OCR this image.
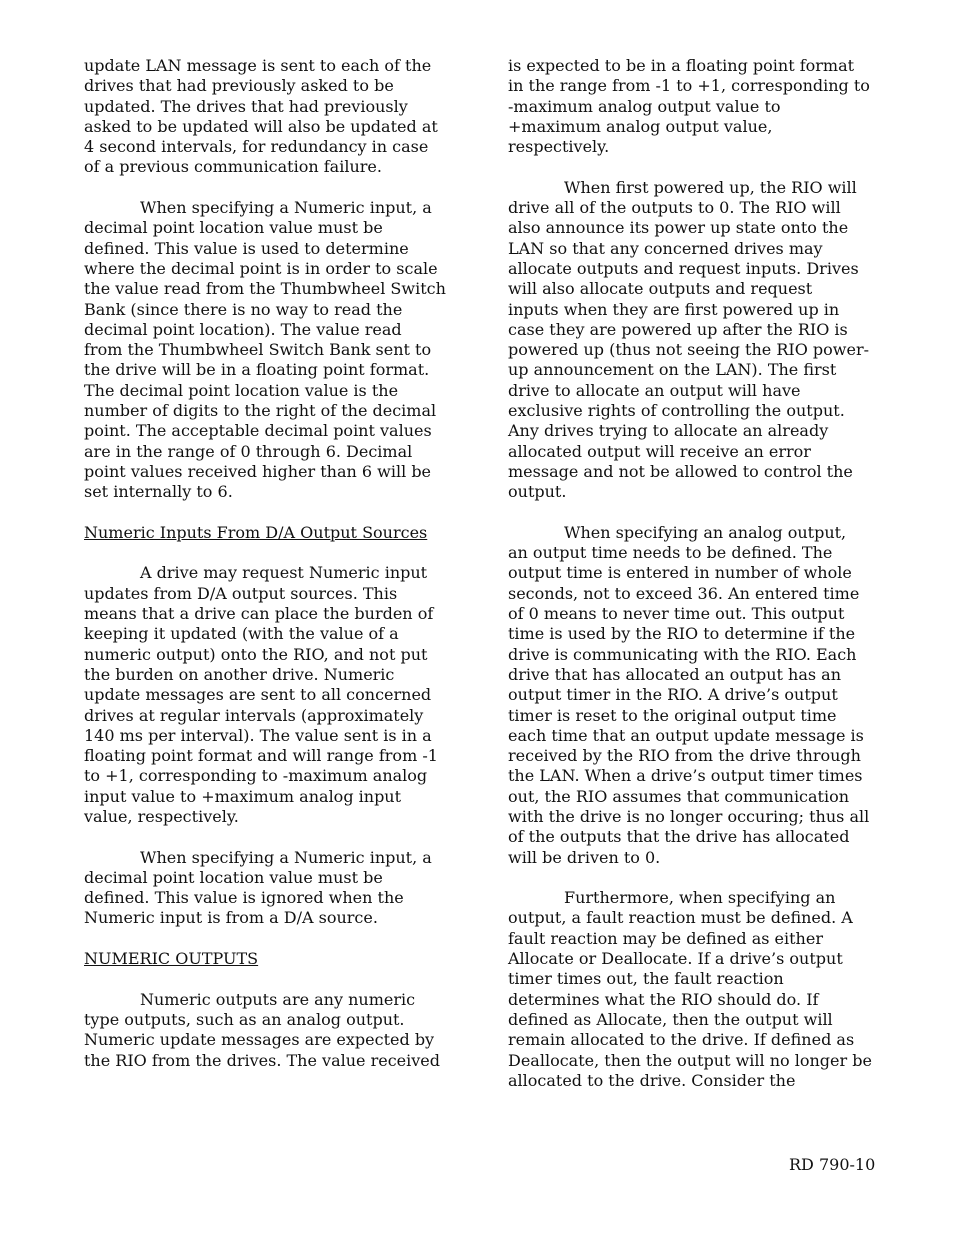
update LAN message is sent to each of the
drives that had previously asked to be
updated. The drives that had previously
asked to be updated will also be updated at
4 second intervals, for redundancy in case
of a previous communication failure.

When specifying a Numeric input, a
decimal point location value must be
defined. This value is used to determine
where the decimal point is in order to scale
the value read from the Thumbwheel Switch
Bank (since there is no way to read the
decimal point location). The value read
from the Thumbwheel Switch Bank sent to
the drive will be in a floating point format.
The decimal point location value is the
number of digits to the right of the decimal
point. The acceptable decimal point values
are in the range of 0 through 6. Decimal
point values received higher than 6 will be
set internally to 6.

Numeric Inputs From D/A Output Sources

A drive may request Numeric input
updates from D/A output sources. This
means that a drive can place the burden of
keeping it updated (with the value of a
numeric output) onto the RIO, and not put
the burden on another drive. Numeric
update messages are sent to all concerned
drives at regular intervals (approximately
140 ms per interval). The value sent is in a
floating point format and will range from -1
to +1, corresponding to -maximum analog
input value to +maximum analog input
value, respectively.

When specifying a Numeric input, a
decimal point location value must be
defined. This value is ignored when the
Numeric input is from a D/A source.

NUMERIC OUTPUTS

Numeric outputs are any numeric
type outputs, such as an analog output.
Numeric update messages are expected by
the RIO from the drives. The value received

is expected to be in a floating point format
in the range from -1 to +1, corresponding to
-maximum analog output value to
+maximum analog output value,
respectively.

When first powered up, the RIO will
drive all of the outputs to 0. The RIO will
also announce its power up state onto the
LAN so that any concerned drives may
allocate outputs and request inputs. Drives
will also allocate outputs and request
inputs when they are first powered up in
case they are powered up after the RIO is
powered up (thus not seeing the RIO power-
up announcement on the LAN). The first
drive to allocate an output will have
exclusive rights of controlling the output.
Any drives trying to allocate an already
allocated output will receive an error
message and not be allowed to control the
output.

When specifying an analog output,
an output time needs to be defined. The
output time is entered in number of whole
seconds, not to exceed 36. An entered time
of 0 means to never time out. This output
time is used by the RIO to determine if the
drive is communicating with the RIO. Each
drive that has allocated an output has an
output timer in the RIO. A drive’s output
timer is reset to the original output time
each time that an output update message is
received by the RIO from the drive through
the LAN. When a drive’s output timer times
out, the RIO assumes that communication
with the drive is no longer occuring; thus all
of the outputs that the drive has allocated
will be driven to 0.

Furthermore, when specifying an
output, a fault reaction must be defined. A
fault reaction may be defined as either
Allocate or Deallocate. If a drive’s output
timer times out, the fault reaction
determines what the RIO should do. If
defined as Allocate, then the output will
remain allocated to the drive. If defined as
Deallocate, then the output will no longer be
allocated to the drive. Consider the

RD 790-10
